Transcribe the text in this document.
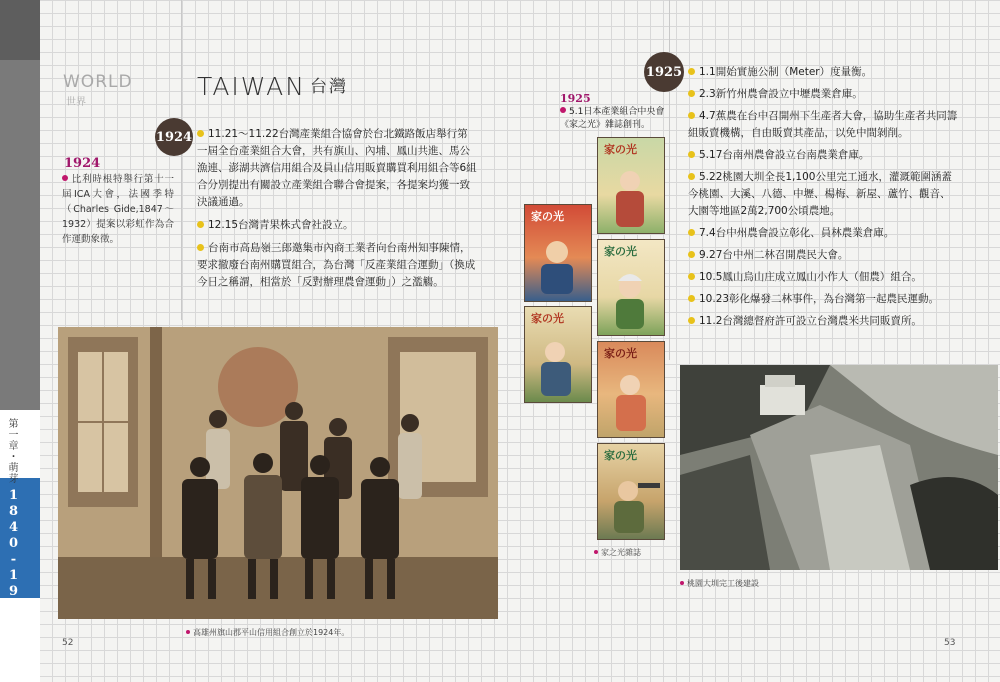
第一章・萌芽
1840-1945
WORLD
世界
1924
比利時根特舉行第十一屆ICA大會，法國季特（Charles Gide,1847～1932）提案以彩虹作為合作運動象徵。
TAIWAN 台灣
1924	11.21～11.22台灣產業組合協會於台北鐵路飯店舉行第一屆全台產業組合大會，共有旗山、內埔、鳳山共進、馬公漁連、澎湖共濟信用組合及員山信用販賣購買利用組合等6組合分別提出有關設立產業組合聯合會提案，各提案均獲一致決議通過。
12.15台灣青果株式會社設立。
台南市高島嶺三郎邀集市內商工業者向台南州知事陳情，要求撤廢台南州購買組合，為台灣「反產業組合運動」（換成今日之稱謂，相當於「反對辦理農會運動」）之濫觴。
高雄州旗山郡平山信用組合創立於1924年。
52
1925
5.1日本產業組合中央會《家之光》雜誌創刊。
家の光
家の光
家の光
家の光
家の光
家の光
家之光雜誌
1925	1.1開始實施公制（Meter）度量衡。
2.3新竹州農會設立中壢農業倉庫。
4.7蕉農在台中召開州下生產者大會，協助生產者共同籌組販賣機構，自由販賣其產品，以免中間剝削。
5.17台南州農會設立台南農業倉庫。
5.22桃園大圳全長1,100公里完工通水，灌溉範圍涵蓋今桃園、大溪、八德、中壢、楊梅、新屋、蘆竹、觀音、大園等地區2萬2,700公頃農地。
7.4台中州農會設立彰化、員林農業倉庫。
9.27台中州二林召開農民大會。
10.5鳳山烏山庄成立鳳山小作人（佃農）組合。
10.23彰化爆發二林事件，為台灣第一起農民運動。
11.2台灣總督府許可設立台灣農米共同販賣所。
桃園大圳完工後建設
53
